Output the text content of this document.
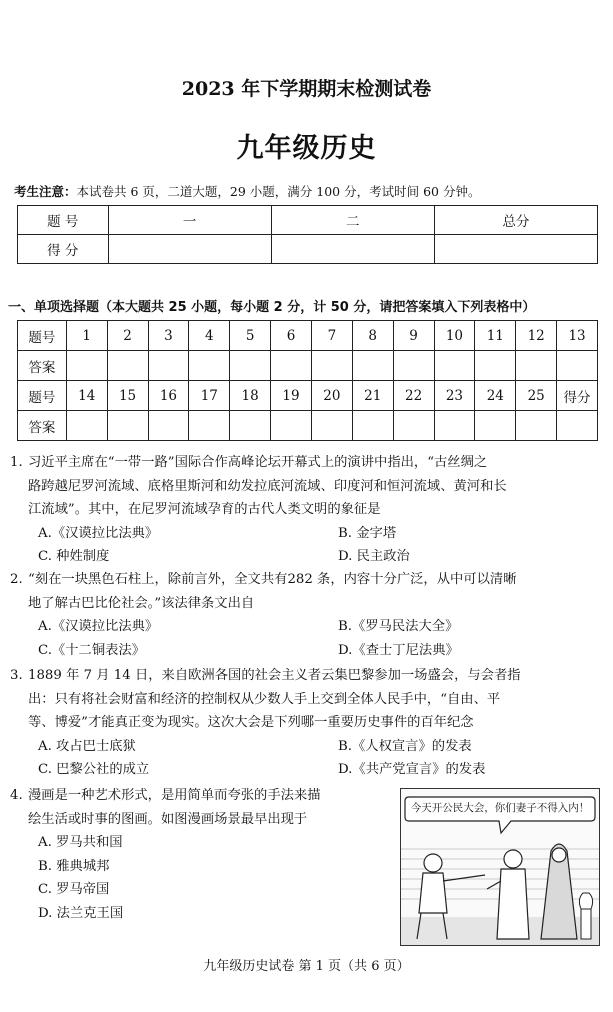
2023 年下学期期末检测试卷
九年级历史
考生注意：本试卷共 6 页，二道大题，29 小题，满分 100 分，考试时间 60 分钟。
题 号	一	二	总分
得 分			
一、单项选择题（本大题共 25 小题，每小题 2 分，计 50 分，请把答案填入下列表格中）
题号	1	2	3	4	5	6	7	8	9	10	11	12	13
答案													
题号	14	15	16	17	18	19	20	21	22	23	24	25	得分
答案													
1. 习近平主席在“一带一路”国际合作高峰论坛开幕式上的演讲中指出，“古丝绸之
路跨越尼罗河流域、底格里斯河和幼发拉底河流域、印度河和恒河流域、黄河和长
江流域”。其中，在尼罗河流域孕育的古代人类文明的象征是
A.《汉谟拉比法典》	B. 金字塔
C. 种姓制度	D. 民主政治
2. “刻在一块黑色石柱上，除前言外，全文共有282 条，内容十分广泛，从中可以清晰
地了解古巴比伦社会。”该法律条文出自
A.《汉谟拉比法典》	B.《罗马民法大全》
C.《十二铜表法》	D.《查士丁尼法典》
3. 1889 年 7 月 14 日，来自欧洲各国的社会主义者云集巴黎参加一场盛会，与会者指
出：只有将社会财富和经济的控制权从少数人手上交到全体人民手中，“自由、平
等、博爱”才能真正变为现实。这次大会是下列哪一重要历史事件的百年纪念
A. 攻占巴士底狱	B.《人权宣言》的发表
C. 巴黎公社的成立	D.《共产党宣言》的发表
4. 漫画是一种艺术形式，是用简单而夸张的手法来描
绘生活或时事的图画。如图漫画场景最早出现于
A. 罗马共和国
B. 雅典城邦
C. 罗马帝国
D. 法兰克王国
今天开公民大会，你们妻子不得入内！
九年级历史试卷 第 1 页（共 6 页）
